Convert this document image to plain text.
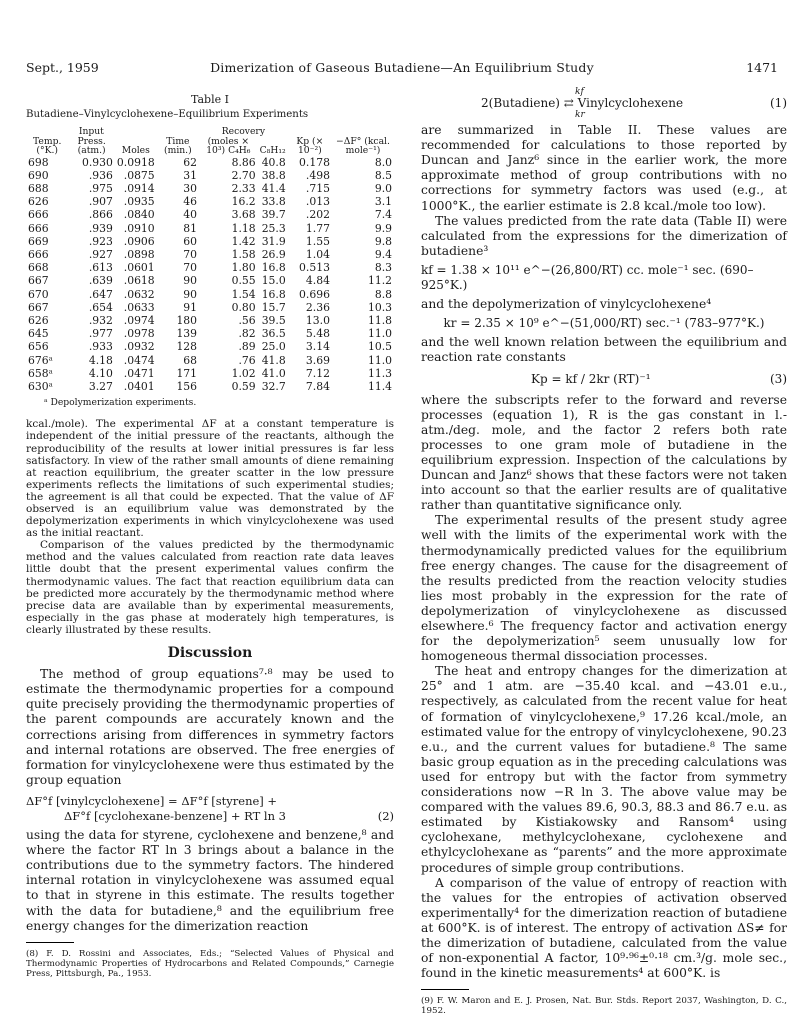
Sept., 1959	Dimerization of Gaseous Butadiene—An Equilibrium Study	1471
Table I
Butadiene–Vinylcyclohexene–Equilibrium Experiments
Input				Recovery			
Temp. (°K.)	Press. (atm.)	Moles	Time (min.)	(moles × 10³) C₄H₆	C₈H₁₂	Kp (× 10⁻²)	−ΔF° (kcal. mole⁻¹)
698	0.930	0.0918	62	8.86	40.8	0.178	8.0
690	.936	.0875	31	2.70	38.8	.498	8.5
688	.975	.0914	30	2.33	41.4	.715	9.0
626	.907	.0935	46	16.2	33.8	.013	3.1
666	.866	.0840	40	3.68	39.7	.202	7.4
666	.939	.0910	81	1.18	25.3	1.77	9.9
669	.923	.0906	60	1.42	31.9	1.55	9.8
666	.927	.0898	70	1.58	26.9	1.04	9.4
668	.613	.0601	70	1.80	16.8	0.513	8.3
667	.639	.0618	90	0.55	15.0	4.84	11.2
670	.647	.0632	90	1.54	16.8	0.696	8.8
667	.654	.0633	91	0.80	15.7	2.36	10.3
626	.932	.0974	180	.56	39.5	13.0	11.8
645	.977	.0978	139	.82	36.5	5.48	11.0
656	.933	.0932	128	.89	25.0	3.14	10.5
676ᵃ	4.18	.0474	68	.76	41.8	3.69	11.0
658ᵃ	4.10	.0471	171	1.02	41.0	7.12	11.3
630ᵃ	3.27	.0401	156	0.59	32.7	7.84	11.4
ᵃ Depolymerization experiments.

kcal./mole). The experimental ΔF at a constant temperature is independent of the initial pressure of the reactants, although the reproducibility of the results at lower initial pressures is far less satisfactory. In view of the rather small amounts of diene remaining at reaction equilibrium, the greater scatter in the low pressure experiments reflects the limitations of such experimental studies; the agreement is all that could be expected. That the value of ΔF observed is an equilibrium value was demonstrated by the depolymerization experiments in which vinylcyclohexene was used as the initial reactant.

Comparison of the values predicted by the thermodynamic method and the values calculated from reaction rate data leaves little doubt that the present experimental values confirm the thermodynamic values. The fact that reaction equilibrium data can be predicted more accurately by the thermodynamic method where precise data are available than by experimental measurements, especially in the gas phase at moderately high temperatures, is clearly illustrated by these results.

Discussion

The method of group equations⁷·⁸ may be used to estimate the thermodynamic properties for a compound quite precisely providing the thermodynamic properties of the parent compounds are accurately known and the corrections arising from differences in symmetry factors and internal rotations are observed. The free energies of formation for vinylcyclohexene were thus estimated by the group equation

ΔF°f [vinylcyclohexene] = ΔF°f [styrene] +
ΔF°f [cyclohexane-benzene] + RT ln 3	(2)

using the data for styrene, cyclohexene and benzene,⁸ and where the factor RT ln 3 brings about a balance in the contributions due to the symmetry factors. The hindered internal rotation in vinylcyclohexene was assumed equal to that in styrene in this estimate. The results together with the data for butadiene,⁸ and the equilibrium free energy changes for the dimerization reaction

(8) F. D. Rossini and Associates, Eds.; “Selected Values of Physical and Thermodynamic Properties of Hydrocarbons and Related Compounds,” Carnegie Press, Pittsburgh, Pa., 1953.
2(Butadiene) ⇄ Vinylcyclohexene
kf
kr
(1)

are summarized in Table II. These values are recommended for calculations to those reported by Duncan and Janz⁶ since in the earlier work, the more approximate method of group contributions with no corrections for symmetry factors was used (e.g., at 1000°K., the earlier estimate is 2.8 kcal./mole too low).

The values predicted from the rate data (Table II) were calculated from the expressions for the dimerization of butadiene³

kf = 1.38 × 10¹¹ e^−(26,800/RT) cc. mole⁻¹ sec. (690–925°K.)

and the depolymerization of vinylcyclohexene⁴

kr = 2.35 × 10⁹ e^−(51,000/RT) sec.⁻¹ (783–977°K.)

and the well known relation between the equilibrium and reaction rate constants

Kp = kf / 2kr (RT)⁻¹	(3)

where the subscripts refer to the forward and reverse processes (equation 1), R is the gas constant in l.-atm./deg. mole, and the factor 2 refers both rate processes to one gram mole of butadiene in the equilibrium expression. Inspection of the calculations by Duncan and Janz⁶ shows that these factors were not taken into account so that the earlier results are of qualitative rather than quantitative significance only.

The experimental results of the present study agree well with the limits of the experimental work with the thermodynamically predicted values for the equilibrium free energy changes. The cause for the disagreement of the results predicted from the reaction velocity studies lies most probably in the expression for the rate of depolymerization of vinylcyclohexene as discussed elsewhere.⁶ The frequency factor and activation energy for the depolymerization⁵ seem unusually low for homogeneous thermal dissociation processes.

The heat and entropy changes for the dimerization at 25° and 1 atm. are −35.40 kcal. and −43.01 e.u., respectively, as calculated from the recent value for heat of formation of vinylcyclohexene,⁹ 17.26 kcal./mole, an estimated value for the entropy of vinylcyclohexene, 90.23 e.u., and the current values for butadiene.⁸ The same basic group equation as in the preceding calculations was used for entropy but with the factor from symmetry considerations now −R ln 3. The above value may be compared with the values 89.6, 90.3, 88.3 and 86.7 e.u. as estimated by Kistiakowsky and Ransom⁴ using cyclohexane, methylcyclohexane, cyclohexene and ethylcyclohexane as “parents” and the more approximate procedures of simple group contributions.

A comparison of the value of entropy of reaction with the values for the entropies of activation observed experimentally⁴ for the dimerization reaction of butadiene at 600°K. is of interest. The entropy of activation ΔS≠ for the dimerization of butadiene, calculated from the value of non-exponential A factor, 10⁹·⁹⁶±⁰·¹⁸ cm.³/g. mole sec., found in the kinetic measurements⁴ at 600°K. is

(9) F. W. Maron and E. J. Prosen, Nat. Bur. Stds. Report 2037, Washington, D. C., 1952.
